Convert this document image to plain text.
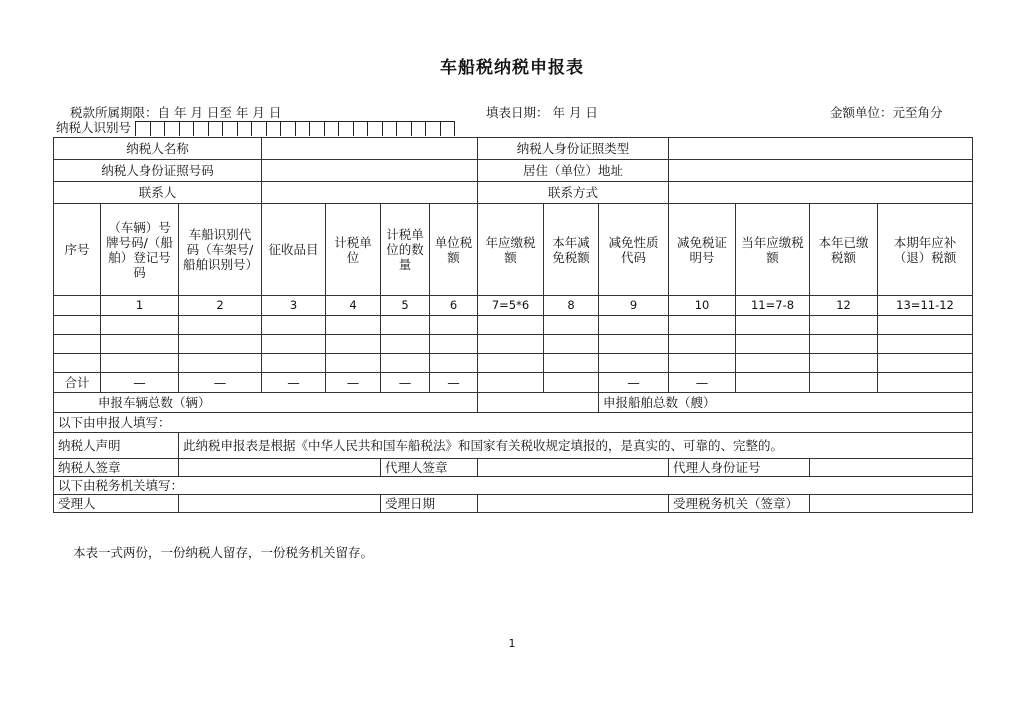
车船税纳税申报表
税款所属期限：自 年 月 日至 年 月 日	填表日期： 年 月 日	金额单位：元至角分
纳税人识别号
纳税人名称							纳税人身份证照类型						
纳税人身份证照号码							居住（单位）地址						
联系人							联系方式						
序号	（车辆）号牌号码/（船舶）登记号码	车船识别代码（车架号/船舶识别号）	征收品目	计税单位	计税单位的数量	单位税额	年应缴税额	本年减免税额	减免性质代码	减免税证明号	当年应缴税额	本年已缴税额	本期年应补（退）税额
	1	2	3	4	5	6	7=5*6	8	9	10	11=7-8	12	13=11-12

合计	—	—	—	—	—	—			—	—			
申报车辆总数（辆）									申报船舶总数（艘）				
以下由申报人填写：													
纳税人声明		此纳税申报表是根据《中华人民共和国车船税法》和国家有关税收规定填报的，是真实的、可靠的、完整的。											
纳税人签章					代理人签章					代理人身份证号			
以下由税务机关填写：													
受理人					受理日期					受理税务机关（签章）			
本表一式两份，一份纳税人留存，一份税务机关留存。
1
